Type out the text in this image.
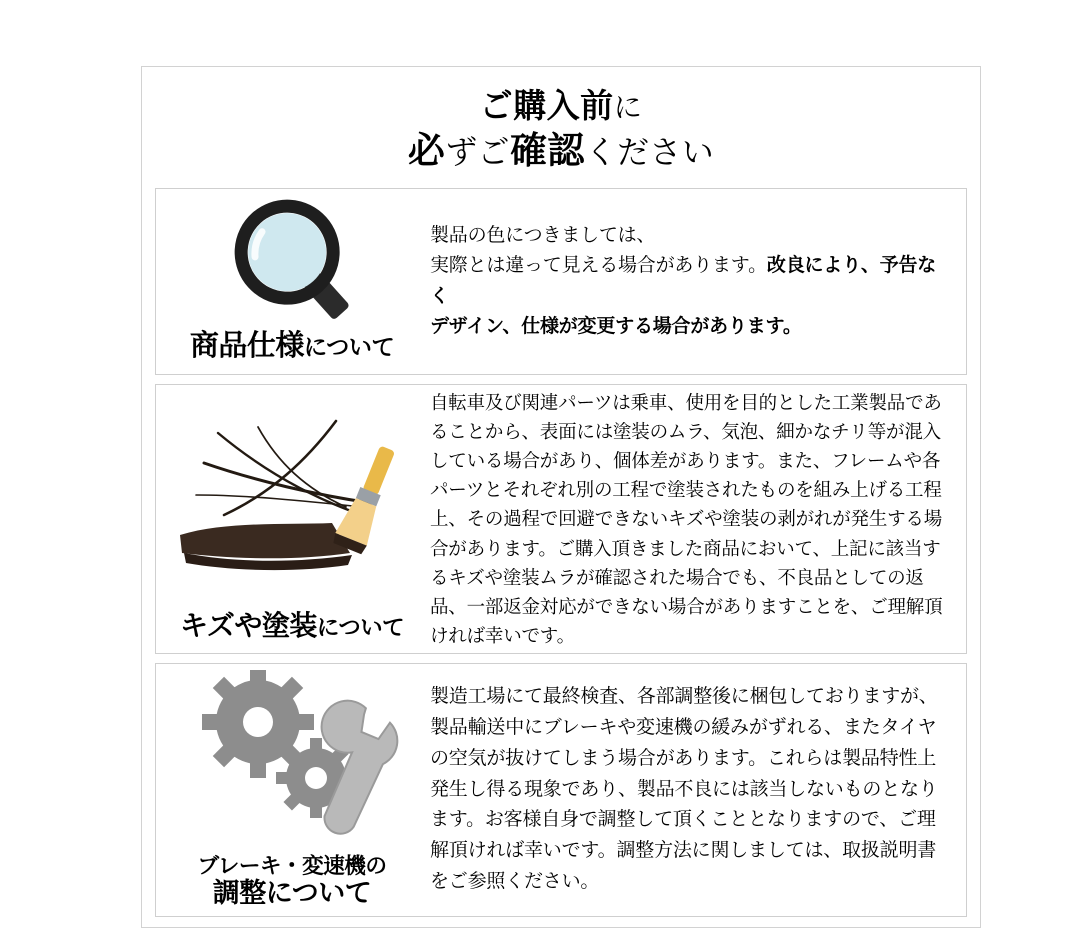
ご購入前に
必ずご確認ください
商品仕様について
製品の色につきましては、
実際とは違って見える場合があります。改良により、予告なく
デザイン、仕様が変更する場合があります。
キズや塗装について
自転車及び関連パーツは乗車、使用を目的とした工業製品であることから、表面には塗装のムラ、気泡、細かなチリ等が混入している場合があり、個体差があります。また、フレームや各パーツとそれぞれ別の工程で塗装されたものを組み上げる工程上、その過程で回避できないキズや塗装の剥がれが発生する場合があります。ご購入頂きました商品において、上記に該当するキズや塗装ムラが確認された場合でも、不良品としての返品、一部返金対応ができない場合がありますことを、ご理解頂ければ幸いです。
ブレーキ・変速機の
調整について
製造工場にて最終検査、各部調整後に梱包しておりますが、製品輸送中にブレーキや変速機の緩みがずれる、またタイヤの空気が抜けてしまう場合があります。これらは製品特性上発生し得る現象であり、製品不良には該当しないものとなります。お客様自身で調整して頂くこととなりますので、ご理解頂ければ幸いです。調整方法に関しましては、取扱説明書をご参照ください。
